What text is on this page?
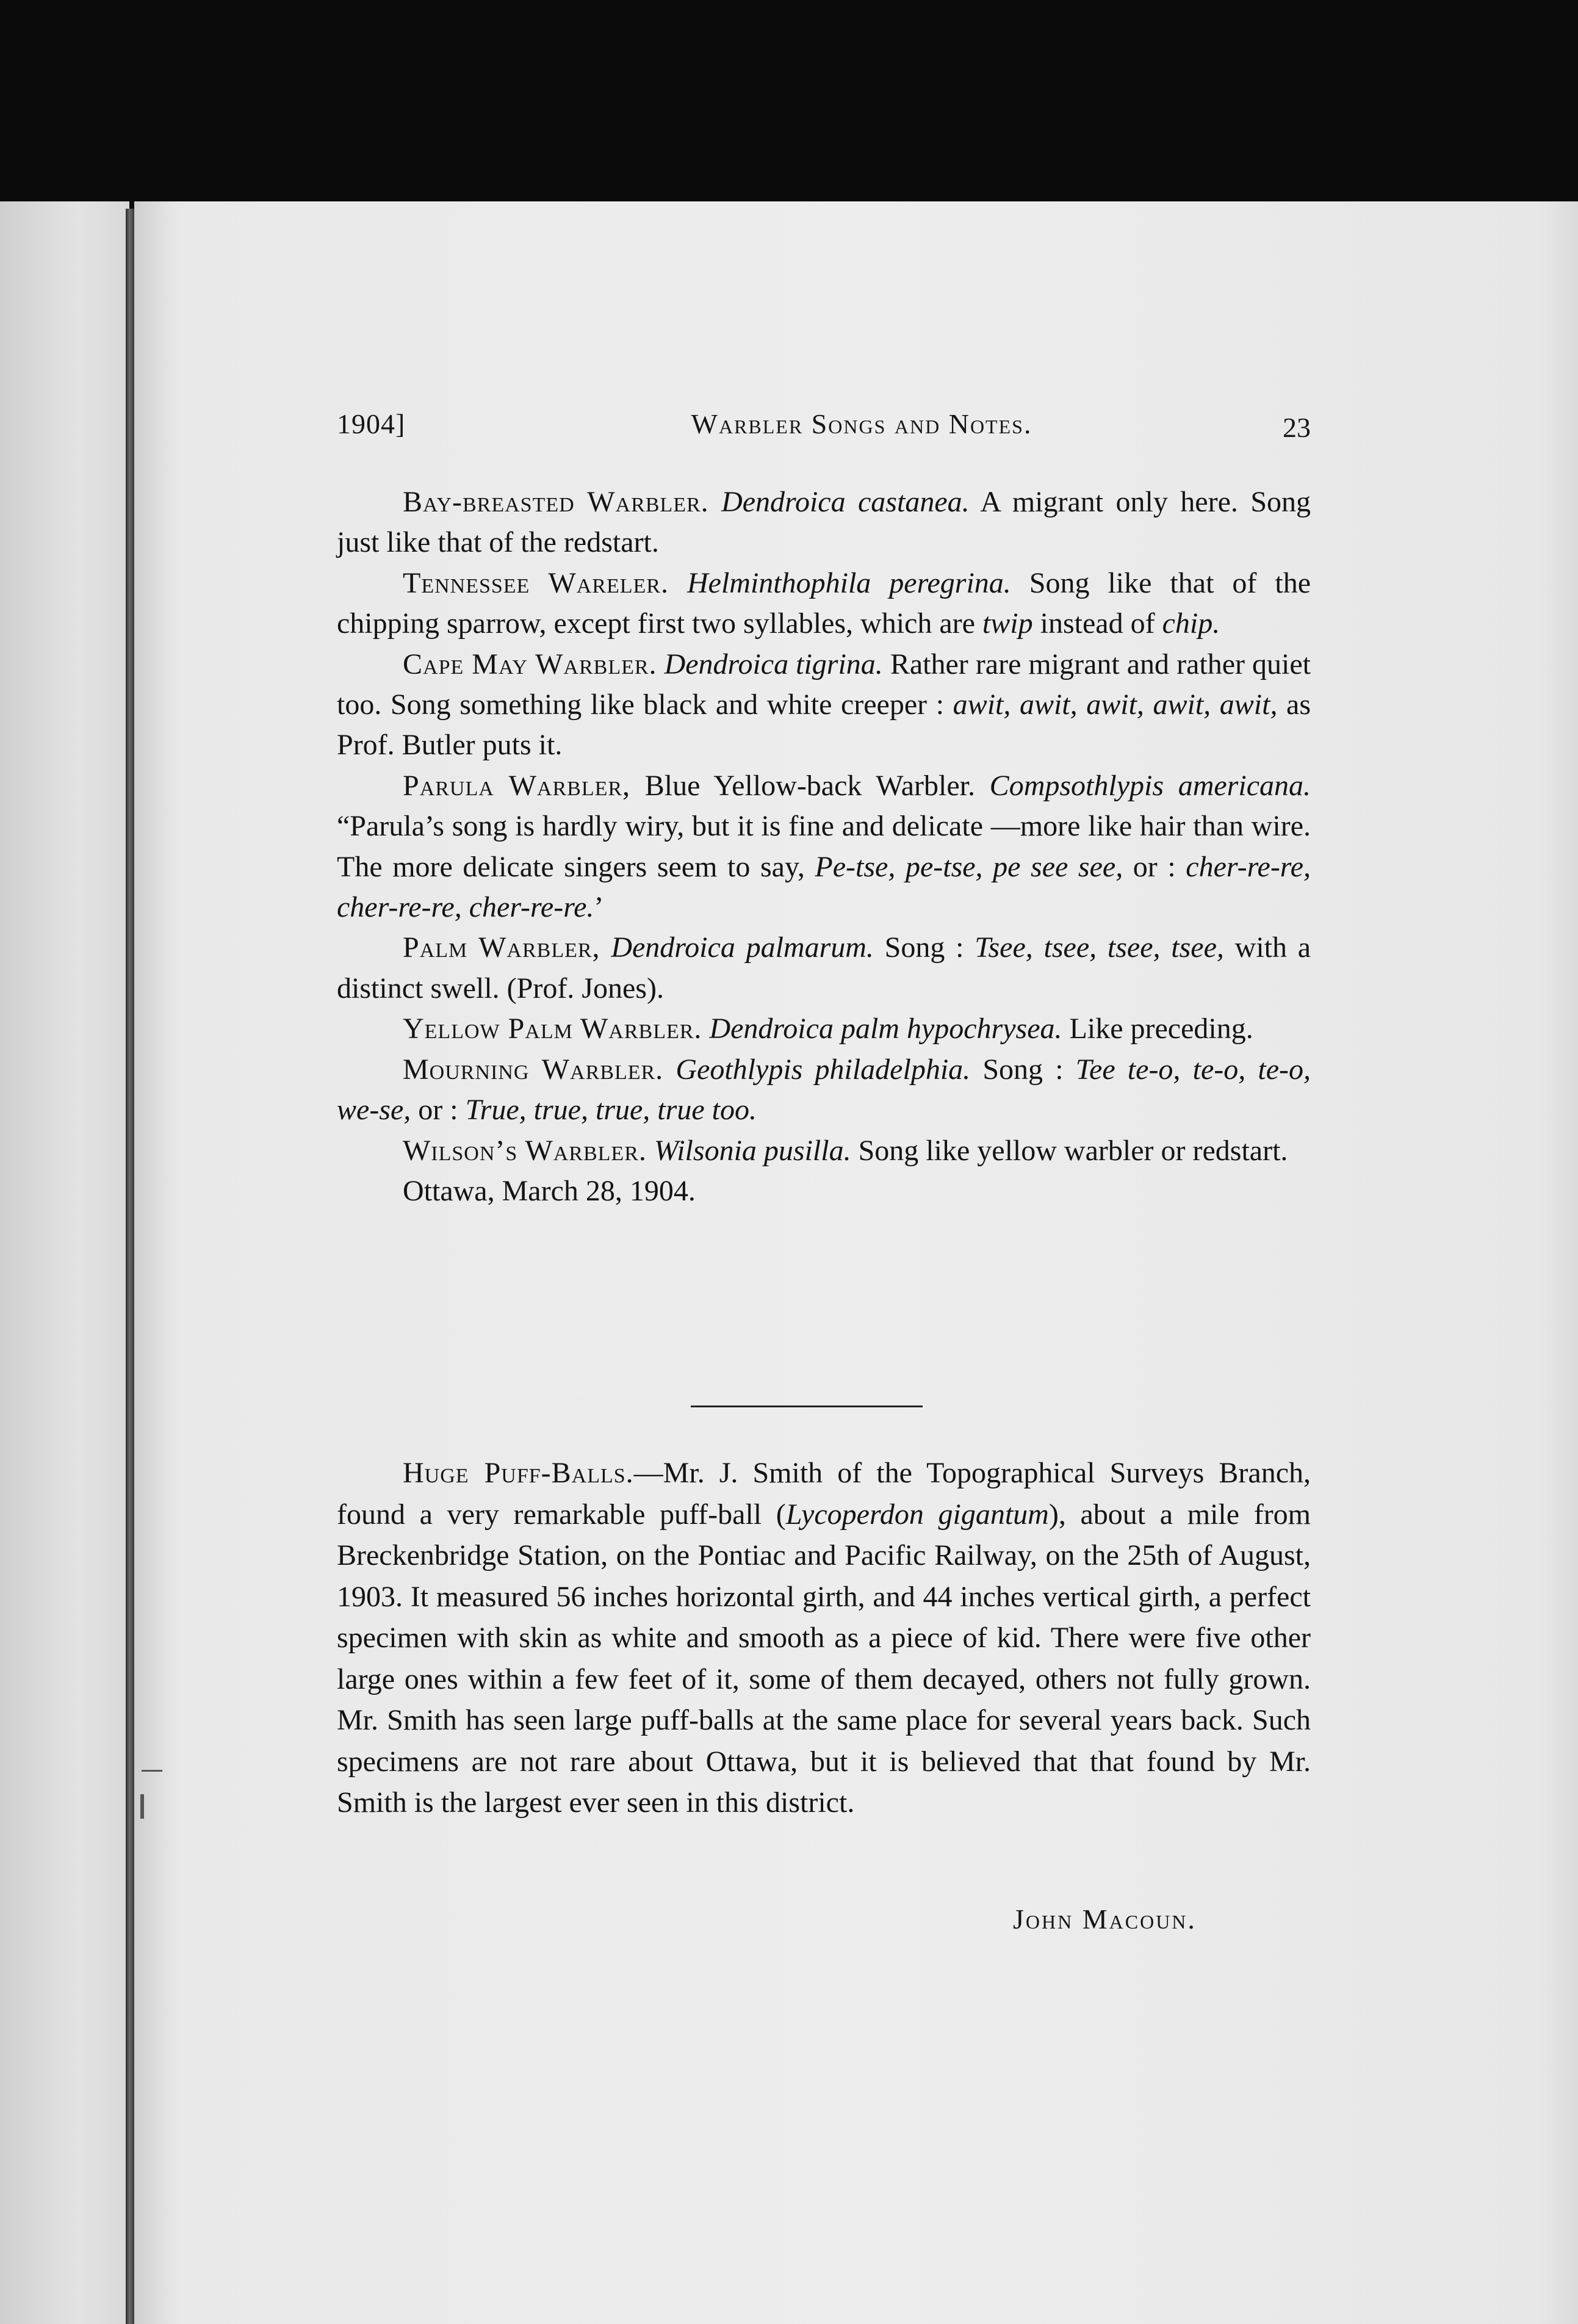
1904]	Warbler Songs and Notes.	23

Bay-breasted Warbler. Dendroica castanea. A migrant only here. Song just like that of the redstart.

Tennessee Wareler. Helminthophila peregrina. Song like that of the chipping sparrow, except first two syllables, which are twip instead of chip.

Cape May Warbler. Dendroica tigrina. Rather rare migrant and rather quiet too. Song something like black and white creeper : awit, awit, awit, awit, awit, as Prof. Butler puts it.

Parula Warbler, Blue Yellow-back Warbler. Compsothlypis americana. “Parula’s song is hardly wiry, but it is fine and delicate —more like hair than wire. The more delicate singers seem to say, Pe-tse, pe-tse, pe see see, or : cher-re-re, cher-re-re, cher-re-re.’

Palm Warbler, Dendroica palmarum. Song : Tsee, tsee, tsee, tsee, with a distinct swell. (Prof. Jones).

Yellow Palm Warbler. Dendroica palm hypochrysea. Like preceding.

Mourning Warbler. Geothlypis philadelphia. Song : Tee te-o, te-o, te-o, we-se, or : True, true, true, true too.

Wilson’s Warbler. Wilsonia pusilla. Song like yellow warbler or redstart.

Ottawa, March 28, 1904.

Huge Puff-Balls.—Mr. J. Smith of the Topographical Surveys Branch, found a very remarkable puff-ball (Lycoperdon gigantum), about a mile from Breckenbridge Station, on the Pontiac and Pacific Railway, on the 25th of August, 1903. It measured 56 inches horizontal girth, and 44 inches vertical girth, a perfect specimen with skin as white and smooth as a piece of kid. There were five other large ones within a few feet of it, some of them decayed, others not fully grown. Mr. Smith has seen large puff-balls at the same place for several years back. Such specimens are not rare about Ottawa, but it is believed that that found by Mr. Smith is the largest ever seen in this district.

John Macoun.
